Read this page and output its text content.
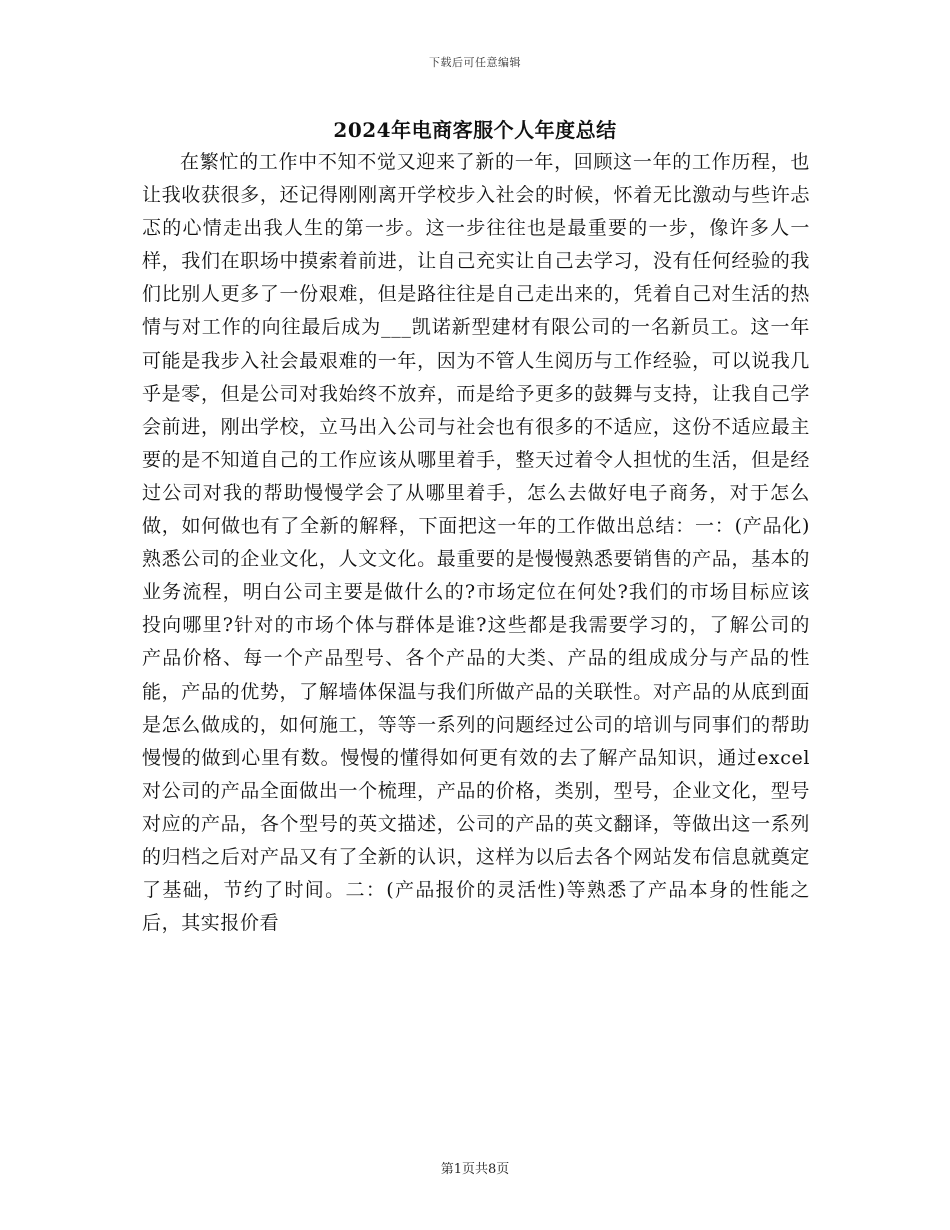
下载后可任意编辑
2024年电商客服个人年度总结
在繁忙的工作中不知不觉又迎来了新的一年，回顾这一年的工作历程，也让我收获很多，还记得刚刚离开学校步入社会的时候，怀着无比激动与些许忐忑的心情走出我人生的第一步。这一步往往也是最重要的一步，像许多人一样，我们在职场中摸索着前进，让自己充实让自己去学习，没有任何经验的我们比别人更多了一份艰难，但是路往往是自己走出来的，凭着自己对生活的热情与对工作的向往最后成为___凯诺新型建材有限公司的一名新员工。这一年可能是我步入社会最艰难的一年，因为不管人生阅历与工作经验，可以说我几乎是零，但是公司对我始终不放弃，而是给予更多的鼓舞与支持，让我自己学会前进，刚出学校，立马出入公司与社会也有很多的不适应，这份不适应最主要的是不知道自己的工作应该从哪里着手，整天过着令人担忧的生活，但是经过公司对我的帮助慢慢学会了从哪里着手，怎么去做好电子商务，对于怎么做，如何做也有了全新的解释，下面把这一年的工作做出总结：一：(产品化)熟悉公司的企业文化，人文文化。最重要的是慢慢熟悉要销售的产品，基本的业务流程，明白公司主要是做什么的?市场定位在何处?我们的市场目标应该投向哪里?针对的市场个体与群体是谁?这些都是我需要学习的，了解公司的产品价格、每一个产品型号、各个产品的大类、产品的组成成分与产品的性能，产品的优势，了解墙体保温与我们所做产品的关联性。对产品的从底到面是怎么做成的，如何施工，等等一系列的问题经过公司的培训与同事们的帮助慢慢的做到心里有数。慢慢的懂得如何更有效的去了解产品知识，通过excel对公司的产品全面做出一个梳理，产品的价格，类别，型号，企业文化，型号对应的产品，各个型号的英文描述，公司的产品的英文翻译，等做出这一系列的归档之后对产品又有了全新的认识，这样为以后去各个网站发布信息就奠定了基础，节约了时间。二：(产品报价的灵活性)等熟悉了产品本身的性能之后，其实报价看
第1页共8页
